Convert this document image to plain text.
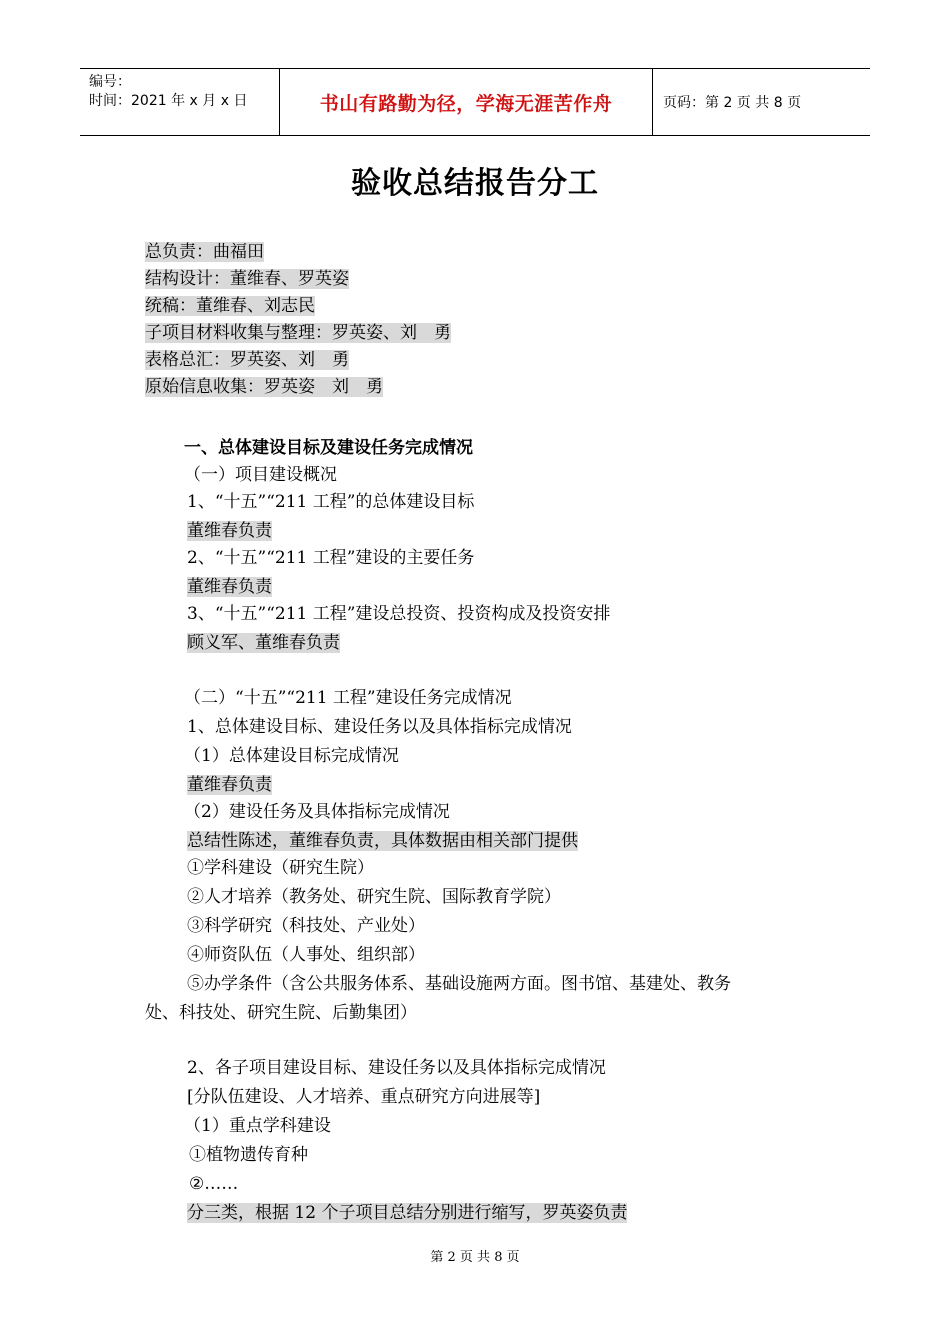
编号：
时间：2021 年 x 月 x 日	书山有路勤为径，学海无涯苦作舟	页码：第 2 页 共 8 页
验收总结报告分工
总负责：曲福田
结构设计：董维春、罗英姿
统稿：董维春、刘志民
子项目材料收集与整理：罗英姿、刘　勇
表格总汇：罗英姿、刘　勇
原始信息收集：罗英姿　刘　勇
一、总体建设目标及建设任务完成情况
（一）项目建设概况
1、“十五”“211 工程”的总体建设目标
董维春负责
2、“十五”“211 工程”建设的主要任务
董维春负责
3、“十五”“211 工程”建设总投资、投资构成及投资安排
顾义军、董维春负责
（二）“十五”“211 工程”建设任务完成情况
1、总体建设目标、建设任务以及具体指标完成情况
（1）总体建设目标完成情况
董维春负责
（2）建设任务及具体指标完成情况
总结性陈述，董维春负责，具体数据由相关部门提供
①学科建设（研究生院）
②人才培养（教务处、研究生院、国际教育学院）
③科学研究（科技处、产业处）
④师资队伍（人事处、组织部）
⑤办学条件（含公共服务体系、基础设施两方面。图书馆、基建处、教务
处、科技处、研究生院、后勤集团）
2、各子项目建设目标、建设任务以及具体指标完成情况
[分队伍建设、人才培养、重点研究方向进展等]
（1）重点学科建设
①植物遗传育种
②……
分三类，根据 12 个子项目总结分别进行缩写，罗英姿负责
第 2 页 共 8 页
